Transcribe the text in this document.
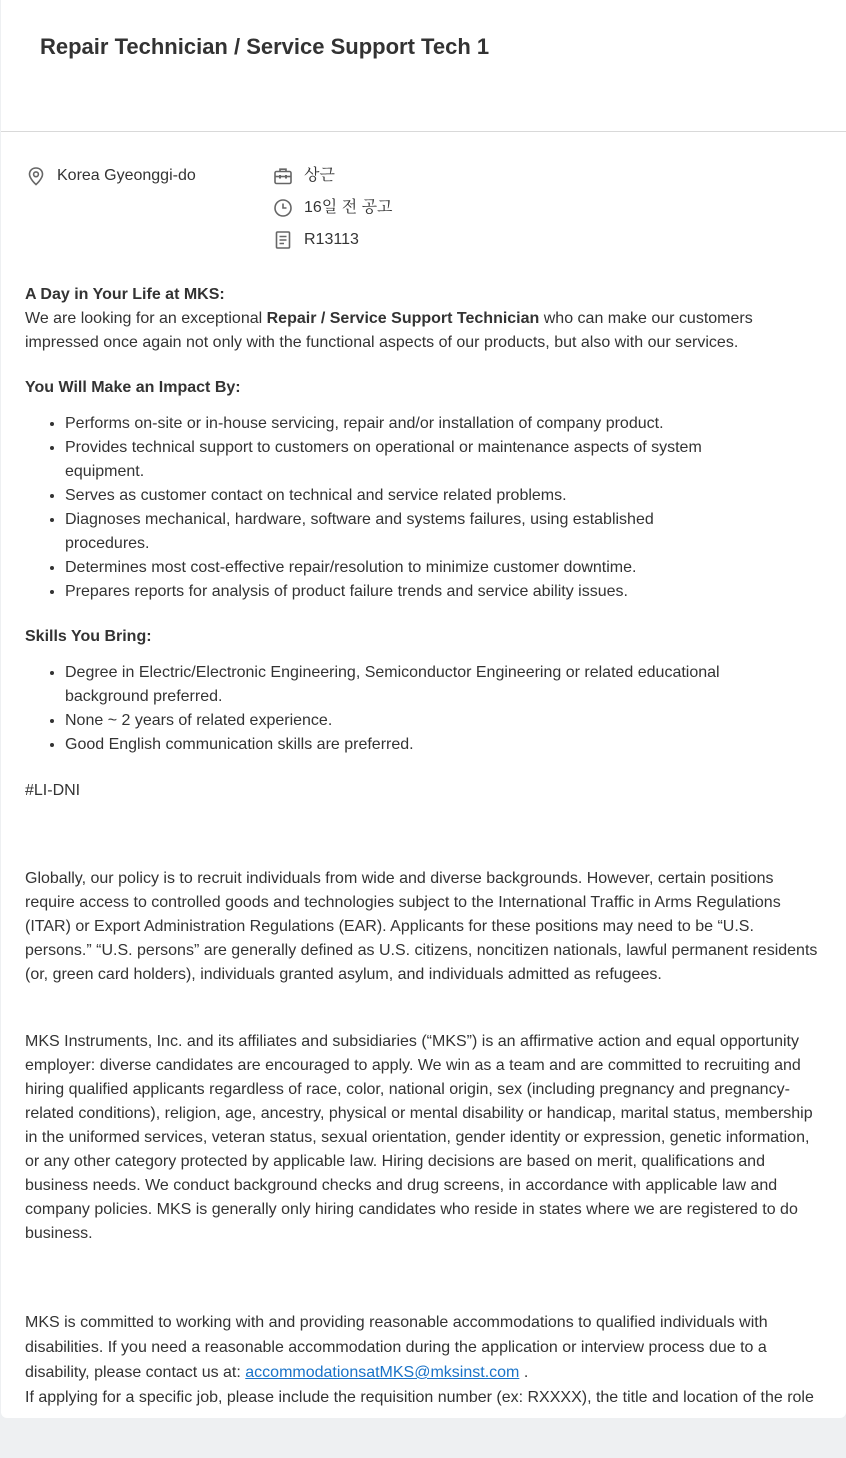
Repair Technician / Service Support Tech 1
Korea Gyeonggi-do	상근
16일 전 공고
R13113

A Day in Your Life at MKS:

We are looking for an exceptional Repair / Service Support Technician who can make our customers impressed once again not only with the functional aspects of our products, but also with our services.

You Will Make an Impact By:

• Performs on-site or in-house servicing, repair and/or installation of company product.
• Provides technical support to customers on operational or maintenance aspects of system equipment.
• Serves as customer contact on technical and service related problems.
• Diagnoses mechanical, hardware, software and systems failures, using established procedures.
• Determines most cost-effective repair/resolution to minimize customer downtime.
• Prepares reports for analysis of product failure trends and service ability issues.

Skills You Bring:

• Degree in Electric/Electronic Engineering, Semiconductor Engineering or related educational background preferred.
• None ~ 2 years of related experience.
• Good English communication skills are preferred.

#LI-DNI

Globally, our policy is to recruit individuals from wide and diverse backgrounds. However, certain positions require access to controlled goods and technologies subject to the International Traffic in Arms Regulations (ITAR) or Export Administration Regulations (EAR). Applicants for these positions may need to be “U.S. persons.” “U.S. persons” are generally defined as U.S. citizens, noncitizen nationals, lawful permanent residents (or, green card holders), individuals granted asylum, and individuals admitted as refugees.

MKS Instruments, Inc. and its affiliates and subsidiaries (“MKS”) is an affirmative action and equal opportunity employer: diverse candidates are encouraged to apply. We win as a team and are committed to recruiting and hiring qualified applicants regardless of race, color, national origin, sex (including pregnancy and pregnancy-related conditions), religion, age, ancestry, physical or mental disability or handicap, marital status, membership in the uniformed services, veteran status, sexual orientation, gender identity or expression, genetic information, or any other category protected by applicable law. Hiring decisions are based on merit, qualifications and business needs. We conduct background checks and drug screens, in accordance with applicable law and company policies. MKS is generally only hiring candidates who reside in states where we are registered to do business.

MKS is committed to working with and providing reasonable accommodations to qualified individuals with disabilities. If you need a reasonable accommodation during the application or interview process due to a disability, please contact us at: accommodationsatMKS@mksinst.com .

If applying for a specific job, please include the requisition number (ex: RXXXX), the title and location of the role
